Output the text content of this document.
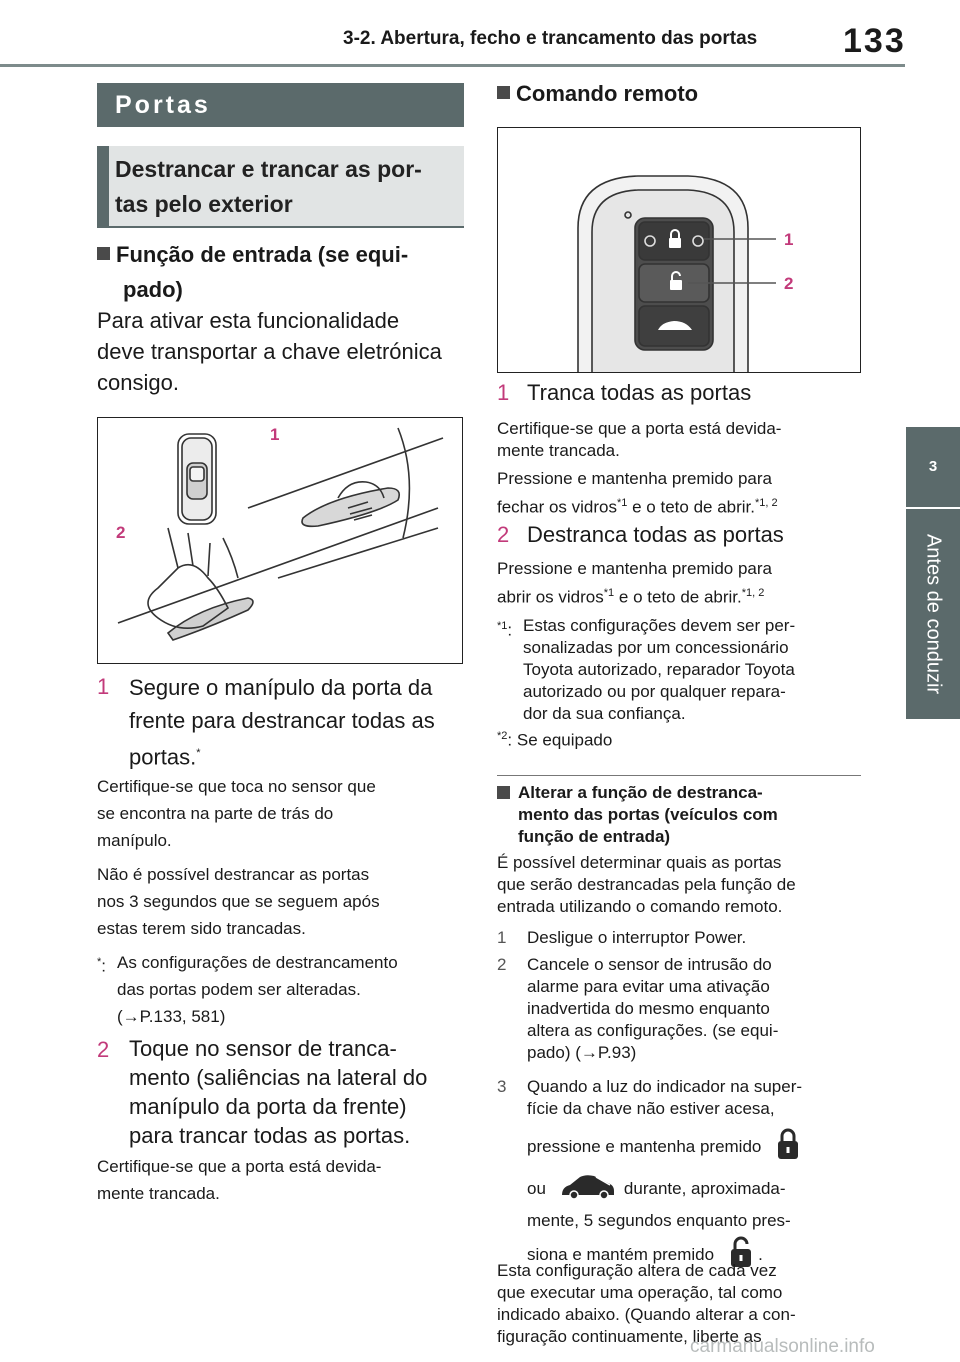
3-2. Abertura, fecho e trancamento das portas	133
3
Antes de conduzir
Portas
Destrancar e trancar as por-
tas pelo exterior
Função de entrada (se equi-
pado)
Para ativar esta funcionalidade
deve transportar a chave eletrónica
consigo.
1
2
1 Segure o manípulo da porta da
frente para destrancar todas as
portas.*
Certifique-se que toca no sensor que
se encontra na parte de trás do
manípulo.
Não é possível destrancar as portas
nos 3 segundos que se seguem após
estas terem sido trancadas.
*: As configurações de destrancamento
das portas podem ser alteradas.
(→P.133, 581)
2 Toque no sensor de tranca-
mento (saliências na lateral do
manípulo da porta da frente)
para trancar todas as portas.
Certifique-se que a porta está devida-
mente trancada.
Comando remoto
1
2
1 Tranca todas as portas
Certifique-se que a porta está devida-
mente trancada.
Pressione e mantenha premido para
fechar os vidros$^{*1}$ e o teto de abrir.$^{*1, 2}$
2 Destranca todas as portas
Pressione e mantenha premido para
abrir os vidros$^{*1}$ e o teto de abrir.$^{*1, 2}$
$^{*1}$: Estas configurações devem ser per-
sonalizadas por um concessionário
Toyota autorizado, reparador Toyota
autorizado ou por qualquer repara-
dor da sua confiança.
$^{*2}$: Se equipado
Alterar a função de destranca-
mento das portas (veículos com
função de entrada)
É possível determinar quais as portas
que serão destrancadas pela função de
entrada utilizando o comando remoto.
1	Desligue o interruptor Power.
2	Cancele o sensor de intrusão do
alarme para evitar uma ativação
inadvertida do mesmo enquanto
altera as configurações. (se equi-
pado) (→P.93)
3	Quando a luz do indicador na super-
fície da chave não estiver acesa,
pressione e mantenha premido
ou	durante, aproximada-
mente, 5 segundos enquanto pres-
siona e mantém premido	.
Esta configuração altera de cada vez
que executar uma operação, tal como
indicado abaixo. (Quando alterar a con-
figuração continuamente, liberte as
carmanualsonline.info
